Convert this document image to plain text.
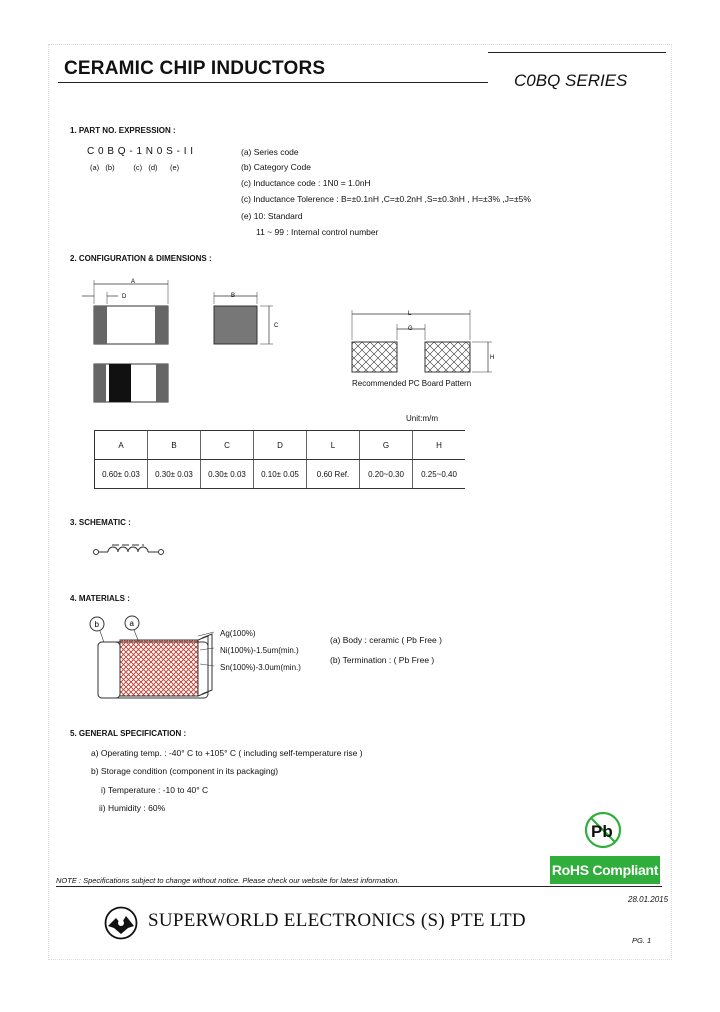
CERAMIC CHIP INDUCTORS
C0BQ SERIES
1. PART NO. EXPRESSION :
C 0 B Q - 1 N 0 S - I I
(a)   (b)         (c)   (d)      (e)
(a) Series code
(b) Category Code
(c) Inductance code : 1N0 = 1.0nH
(c) Inductance Tolerence : B=±0.1nH ,C=±0.2nH ,S=±0.3nH , H=±3% ,J=±5%
(e) 10: Standard
11 ~ 99 : Internal control number
2. CONFIGURATION & DIMENSIONS :
A
D	B
C
L
G
H
Recommended PC Board Pattern
Unit:m/m
A	B	C	D	L	G	H
0.60± 0.03	0.30± 0.03	0.30± 0.03	0.10± 0.05	0.60 Ref.	0.20~0.30	0.25~0.40
3. SCHEMATIC :
4. MATERIALS :
b	a
Ag(100%)
Ni(100%)-1.5um(min.)
Sn(100%)-3.0um(min.)
(a) Body : ceramic ( Pb Free )
(b) Termination : ( Pb Free )
5. GENERAL SPECIFICATION :
a) Operating temp. : -40° C to +105° C ( including self-temperature rise )
b) Storage condition (component in its packaging)
i) Temperature : -10 to 40° C
ii) Humidity : 60%
Pb
RoHS Compliant
NOTE : Specifications subject to change without notice. Please check our website for latest information.
28.01.2015
SUPERWORLD ELECTRONICS (S) PTE LTD
PG. 1
